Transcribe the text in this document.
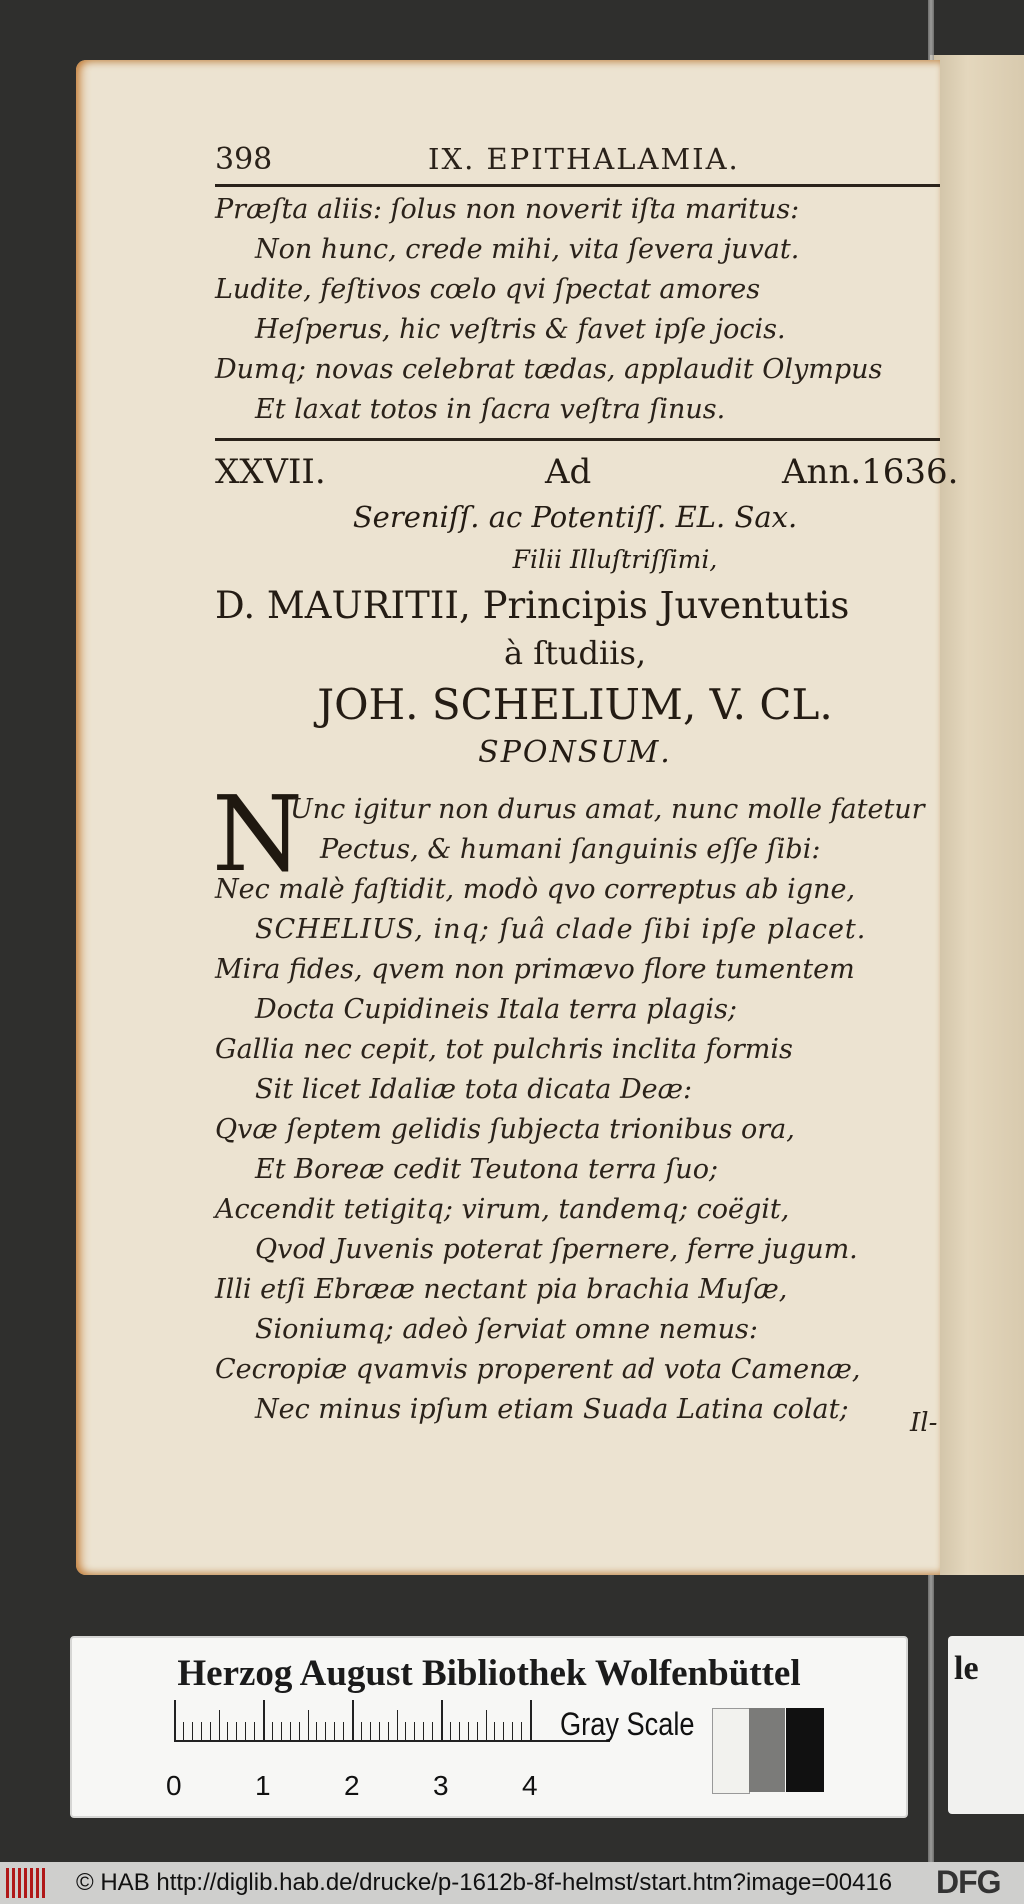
398	IX. EPITHALAMIA.
Præſta aliis: ſolus non noverit iſta maritus:
Non hunc, crede mihi, vita ſevera juvat.
Ludite, feſtivos cœlo qvi ſpectat amores
Heſperus, hic veſtris & favet ipſe jocis.
Dumq; novas celebrat tædas, applaudit Olympus
Et laxat totos in ſacra veſtra ſinus.
XXVII.	Ad	Ann.1636.
Sereniſſ. ac Potentiſſ. EL. Sax.
Filii Illuſtriſſimi,
D. MAURITII, Principis Juventutis
à ſtudiis,
JOH. SCHELIUM, V. CL.
SPONSUM.
N
Unc igitur non durus amat, nunc molle fatetur
Pectus, & humani ſanguinis eſſe ſibi:
Nec malè faſtidit, modò qvo correptus ab igne,
SCHELIUS, inq; ſuâ clade ſibi ipſe placet.
Mira fides, qvem non primævo flore tumentem
Docta Cupidineis Itala terra plagis;
Gallia nec cepit, tot pulchris inclita formis
Sit licet Idaliæ tota dicata Deæ:
Qvæ ſeptem gelidis ſubjecta trionibus ora,
Et Boreæ cedit Teutona terra ſuo;
Accendit tetigitq; virum, tandemq; coëgit,
Qvod Juvenis poterat ſpernere, ferre jugum.
Illi etſi Ebrææ nectant pia brachia Muſæ,
Sioniumq; adeò ſerviat omne nemus:
Cecropiæ qvamvis properent ad vota Camenæ,
Nec minus ipſum etiam Suada Latina colat; Il-
Herzog August Bibliothek Wolfenbüttel
0	1	2	3	4
Gray Scale
le
© HAB http://diglib.hab.de/drucke/p-1612b-8f-helmst/start.htm?image=00416 DFG
